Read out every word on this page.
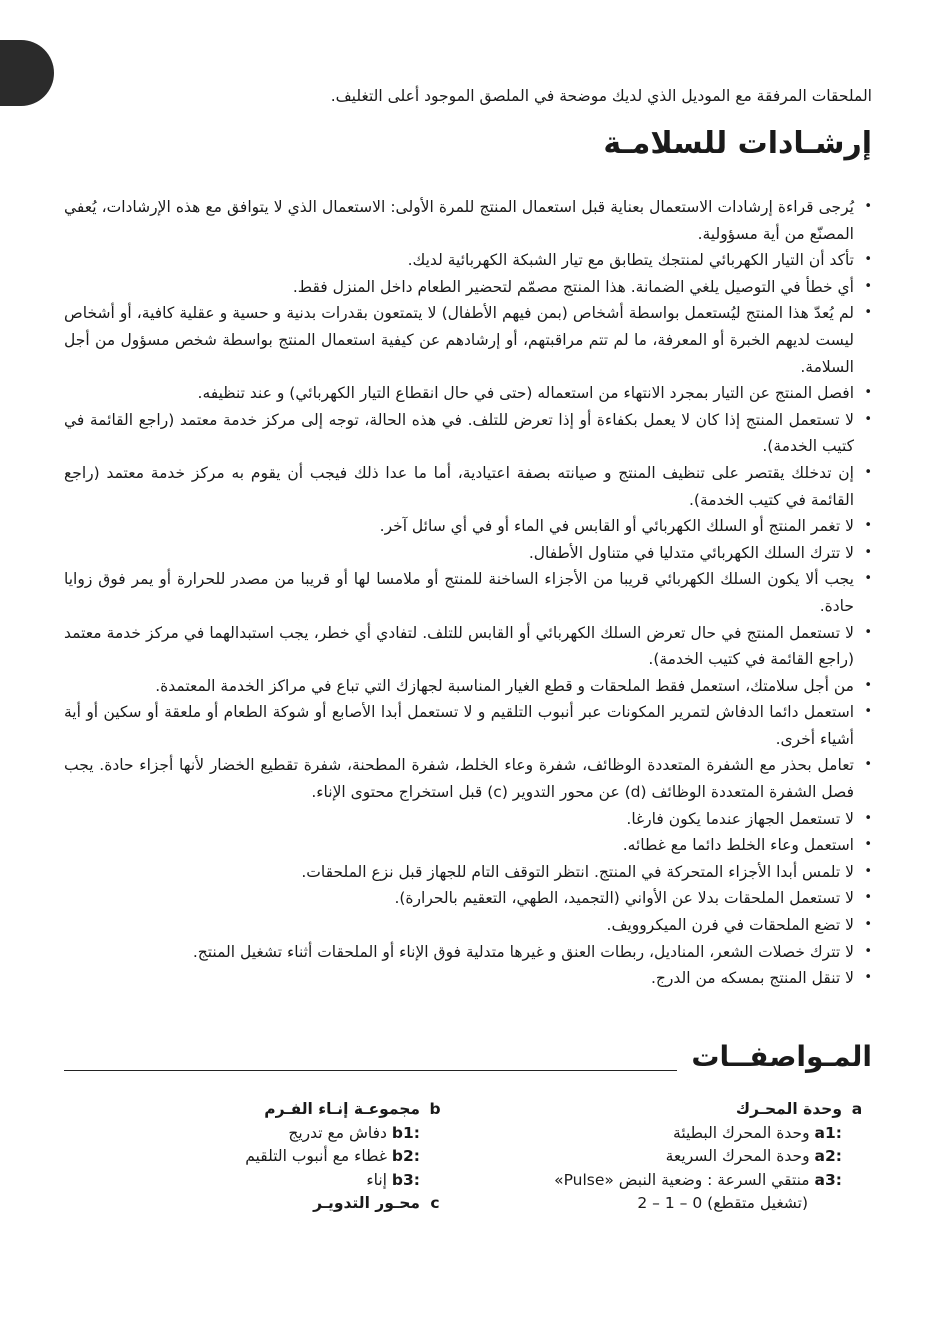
الملحقات المرفقة مع الموديل الذي لديك موضحة في الملصق الموجود أعلى التغليف.
إرشـادات للسلامـة
• يُرجى قراءة إرشادات الاستعمال بعناية قبل استعمال المنتج للمرة الأولى: الاستعمال الذي لا يتوافق مع هذه الإرشادات، يُعفي المصنّع من أية مسؤولية.
• تأكد أن التيار الكهربائي لمنتجك يتطابق مع تيار الشبكة الكهربائية لديك.
• أي خطأ في التوصيل يلغي الضمانة. هذا المنتج مصمّم لتحضير الطعام داخل المنزل فقط.
• لم يُعدّ هذا المنتج ليُستعمل بواسطة أشخاص (بمن فيهم الأطفال) لا يتمتعون بقدرات بدنية و حسية و عقلية كافية، أو أشخاص ليست لديهم الخبرة أو المعرفة، ما لم تتم مراقبتهم، أو إرشادهم عن كيفية استعمال المنتج بواسطة شخص مسؤول من أجل السلامة.
• افصل المنتج عن التيار بمجرد الانتهاء من استعماله (حتى في حال انقطاع التيار الكهربائي) و عند تنظيفه.
• لا تستعمل المنتج إذا كان لا يعمل بكفاءة أو إذا تعرض للتلف. في هذه الحالة، توجه إلى مركز خدمة معتمد (راجع القائمة في كتيب الخدمة).
• إن تدخلك يقتصر على تنظيف المنتج و صيانته بصفة اعتيادية، أما ما عدا ذلك فيجب أن يقوم به مركز خدمة معتمد (راجع القائمة في كتيب الخدمة).
• لا تغمر المنتج أو السلك الكهربائي أو القابس في الماء أو في أي سائل آخر.
• لا تترك السلك الكهربائي متدليا في متناول الأطفال.
• يجب ألا يكون السلك الكهربائي قريبا من الأجزاء الساخنة للمنتج أو ملامسا لها أو قريبا من مصدر للحرارة أو يمر فوق زوايا حادة.
• لا تستعمل المنتج في حال تعرض السلك الكهربائي أو القابس للتلف. لتفادي أي خطر، يجب استبدالهما في مركز خدمة معتمد (راجع القائمة في كتيب الخدمة).
• من أجل سلامتك، استعمل فقط الملحقات و قطع الغيار المناسبة لجهازك التي تباع في مراكز الخدمة المعتمدة.
• استعمل دائما الدفاش لتمرير المكونات عبر أنبوب التلقيم و لا تستعمل أبدا الأصابع أو شوكة الطعام أو ملعقة أو سكين أو أية أشياء أخرى.
• تعامل بحذر مع الشفرة المتعددة الوظائف، شفرة وعاء الخلط، شفرة المطحنة، شفرة تقطيع الخضار لأنها أجزاء حادة. يجب فصل الشفرة المتعددة الوظائف (d) عن محور التدوير (c) قبل استخراج محتوى الإناء.
• لا تستعمل الجهاز عندما يكون فارغا.
• استعمل وعاء الخلط دائما مع غطائه.
• لا تلمس أبدا الأجزاء المتحركة في المنتج. انتظر التوقف التام للجهاز قبل نزع الملحقات.
• لا تستعمل الملحقات بدلا عن الأواني (التجميد، الطهي، التعقيم بالحرارة).
• لا تضع الملحقات في فرن الميكروويف.
• لا تترك خصلات الشعر، المناديل، ربطات العنق و غيرها متدلية فوق الإناء أو الملحقات أثناء تشغيل المنتج.
• لا تنقل المنتج بمسكه من الدرج.
المـواصفــات
a
وحدة المحـرك
a1:

وحدة المحرك البطيئة
a2:

وحدة المحرك السريعة
a3:

منتقي السرعة : وضعية النبض «Pulse»
(تشغيل متقطع) 0 – 1 – 2
b
مجموعـة إنـاء الفـرم
b1:

دفاش مع تدريج
b2:

غطاء مع أنبوب التلقيم
b3:

إناء
c
محـور التدويـر
